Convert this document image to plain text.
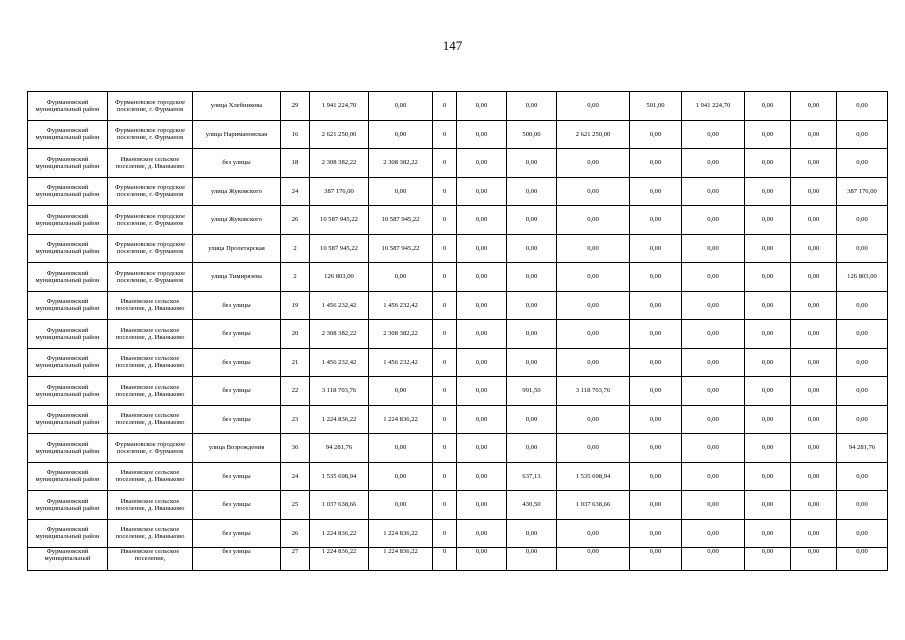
147
Фурмановский муниципальный район	Фурмановское городское поселение, г. Фурманов	улица Хлебникова	29	1 941 224,70	0,00	0	0,00	0,00	0,00	501,00	1 941 224,70	0,00	0,00	0,00
Фурмановский муниципальный район	Фурмановское городское поселение, г. Фурманов	улица Наримановская	16	2 621 250,00	0,00	0	0,00	500,00	2 621 250,00	0,00	0,00	0,00	0,00	0,00
Фурмановский муниципальный район	Ивановское сельское поселение, д. Иваньково	без улицы	18	2 308 382,22	2 308 382,22	0	0,00	0,00	0,00	0,00	0,00	0,00	0,00	0,00
Фурмановский муниципальный район	Фурмановское городское поселение, г. Фурманов	улица Жуковского	24	387 176,00	0,00	0	0,00	0,00	0,00	0,00	0,00	0,00	0,00	387 176,00
Фурмановский муниципальный район	Фурмановское городское поселение, г. Фурманов	улица Жуковского	26	10 587 945,22	10 587 945,22	0	0,00	0,00	0,00	0,00	0,00	0,00	0,00	0,00
Фурмановский муниципальный район	Фурмановское городское поселение, г. Фурманов	улица Пролетарская	2	10 587 945,22	10 587 945,22	0	0,00	0,00	0,00	0,00	0,00	0,00	0,00	0,00
Фурмановский муниципальный район	Фурмановское городское поселение, г. Фурманов	улица Тимирязева	2	126 803,00	0,00	0	0,00	0,00	0,00	0,00	0,00	0,00	0,00	126 803,00
Фурмановский муниципальный район	Ивановское сельское поселение, д. Иваньково	без улицы	19	1 456 232,42	1 456 232,42	0	0,00	0,00	0,00	0,00	0,00	0,00	0,00	0,00
Фурмановский муниципальный район	Ивановское сельское поселение, д. Иваньково	без улицы	20	2 308 382,22	2 308 382,22	0	0,00	0,00	0,00	0,00	0,00	0,00	0,00	0,00
Фурмановский муниципальный район	Ивановское сельское поселение, д. Иваньково	без улицы	21	1 456 232,42	1 456 232,42	0	0,00	0,00	0,00	0,00	0,00	0,00	0,00	0,00
Фурмановский муниципальный район	Ивановское сельское поселение, д. Иваньково	без улицы	22	3 118 703,76	0,00	0	0,00	991,50	3 118 703,76	0,00	0,00	0,00	0,00	0,00
Фурмановский муниципальный район	Ивановское сельское поселение, д. Иваньково	без улицы	23	1 224 836,22	1 224 836,22	0	0,00	0,00	0,00	0,00	0,00	0,00	0,00	0,00
Фурмановский муниципальный район	Фурмановское городское поселение, г. Фурманов	улица Возрождения	36	94 281,76	0,00	0	0,00	0,00	0,00	0,00	0,00	0,00	0,00	94 281,76
Фурмановский муниципальный район	Ивановское сельское поселение, д. Иваньково	без улицы	24	1 535 698,94	0,00	0	0,00	637,13	1 535 698,94	0,00	0,00	0,00	0,00	0,00
Фурмановский муниципальный район	Ивановское сельское поселение, д. Иваньково	без улицы	25	1 037 638,66	0,00	0	0,00	430,50	1 037 638,66	0,00	0,00	0,00	0,00	0,00
Фурмановский муниципальный район	Ивановское сельское поселение, д. Иваньково	без улицы	26	1 224 836,22	1 224 836,22	0	0,00	0,00	0,00	0,00	0,00	0,00	0,00	0,00
Фурмановский муниципальный	Ивановское сельское поселение,	без улицы	27	1 224 836,22	1 224 836,22	0	0,00	0,00	0,00	0,00	0,00	0,00	0,00	0,00
